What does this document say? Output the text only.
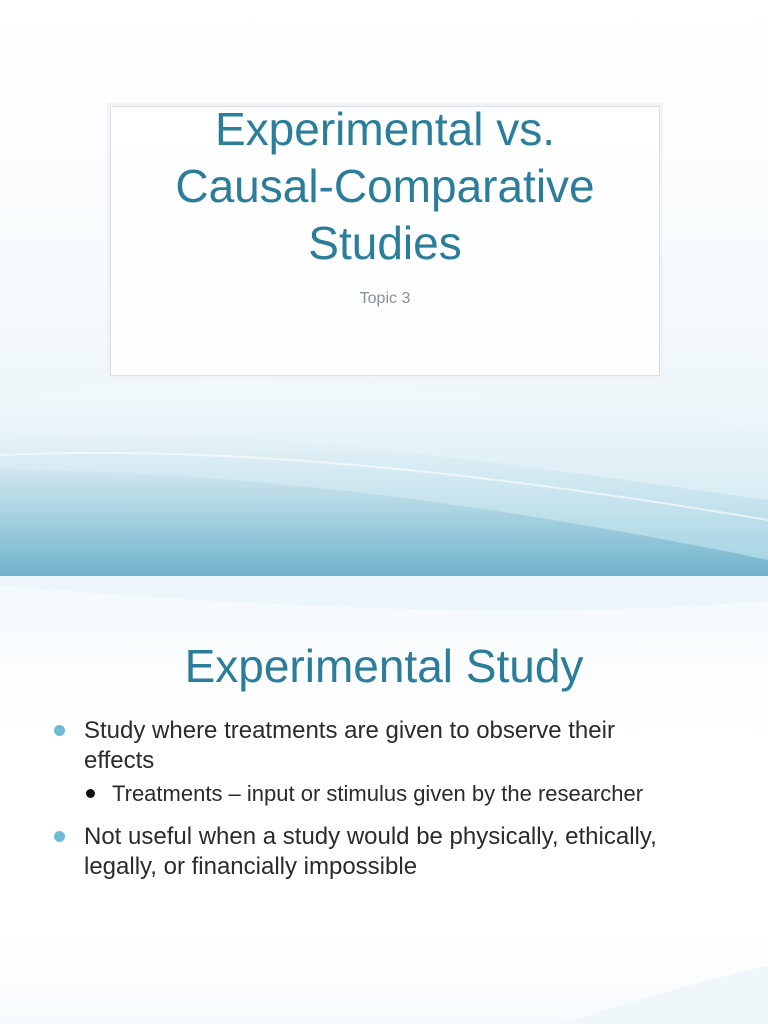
Experimental vs.
Causal-Comparative
Studies
Topic 3
Experimental Study
Study where treatments are given to observe their
effects
Treatments – input or stimulus given by the researcher
Not useful when a study would be physically, ethically,
legally, or financially impossible
